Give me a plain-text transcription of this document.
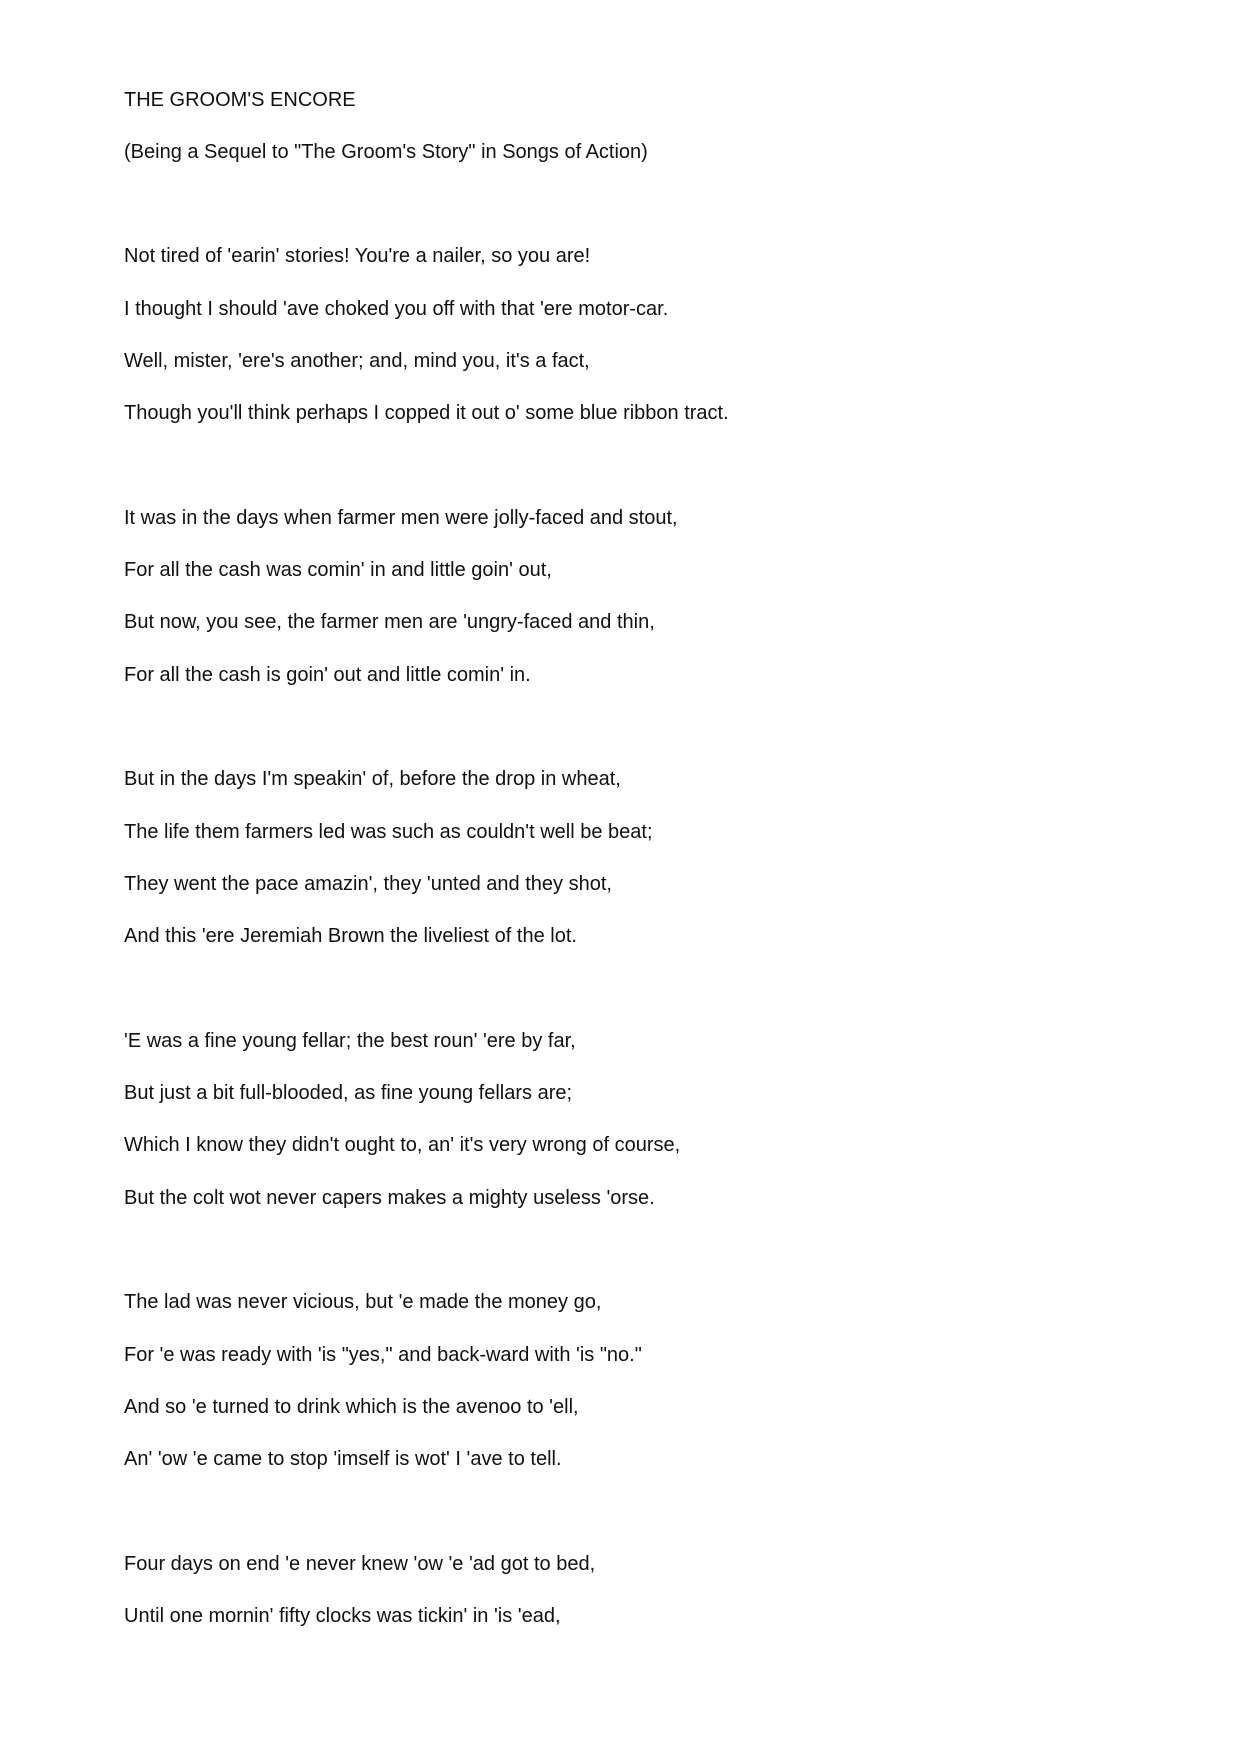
THE GROOM'S ENCORE
(Being a Sequel to "The Groom's Story" in Songs of Action)
Not tired of 'earin' stories! You're a nailer, so you are!
I thought I should 'ave choked you off with that 'ere motor-car.
Well, mister, 'ere's another; and, mind you, it's a fact,
Though you'll think perhaps I copped it out o' some blue ribbon tract.
It was in the days when farmer men were jolly-faced and stout,
For all the cash was comin' in and little goin' out,
But now, you see, the farmer men are 'ungry-faced and thin,
For all the cash is goin' out and little comin' in.
But in the days I'm speakin' of, before the drop in wheat,
The life them farmers led was such as couldn't well be beat;
They went the pace amazin', they 'unted and they shot,
And this 'ere Jeremiah Brown the liveliest of the lot.
'E was a fine young fellar; the best roun' 'ere by far,
But just a bit full-blooded, as fine young fellars are;
Which I know they didn't ought to, an' it's very wrong of course,
But the colt wot never capers makes a mighty useless 'orse.
The lad was never vicious, but 'e made the money go,
For 'e was ready with 'is "yes," and back-ward with 'is "no."
And so 'e turned to drink which is the avenoo to 'ell,
An' 'ow 'e came to stop 'imself is wot' I 'ave to tell.
Four days on end 'e never knew 'ow 'e 'ad got to bed,
Until one mornin' fifty clocks was tickin' in 'is 'ead,
